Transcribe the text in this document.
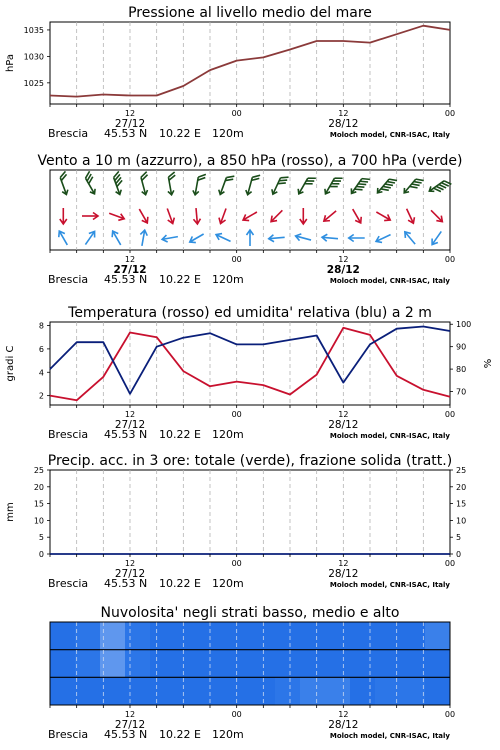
Pressione al livello medio del mare
1025
1030
1035
hPa
12	00	12	00
27/12	28/12
Brescia 45.53 N 10.22 E 120m	Moloch model, CNR-ISAC, Italy
Vento a 10 m (azzurro), a 850 hPa (rosso), a 700 hPa (verde)
12	00	12	00
27/12	28/12
Brescia 45.53 N 10.22 E 120m	Moloch model, CNR-ISAC, Italy
Temperatura (rosso) ed umidita' relativa (blu) a 2 m
2
4
6
8
70
80
90
100
gradi C	%
12	00	12	00
27/12	28/12
Brescia 45.53 N 10.22 E 120m	Moloch model, CNR-ISAC, Italy
Precip. acc. in 3 ore: totale (verde), frazione solida (tratt.)
0
5
10
15
20
25
0
5
10
15
20
25
mm
12	00	12	00
27/12	28/12
Brescia 45.53 N 10.22 E 120m	Moloch model, CNR-ISAC, Italy
Nuvolosita' negli strati basso, medio e alto
12	00	12	00
27/12	28/12
Brescia 45.53 N 10.22 E 120m	Moloch model, CNR-ISAC, Italy
